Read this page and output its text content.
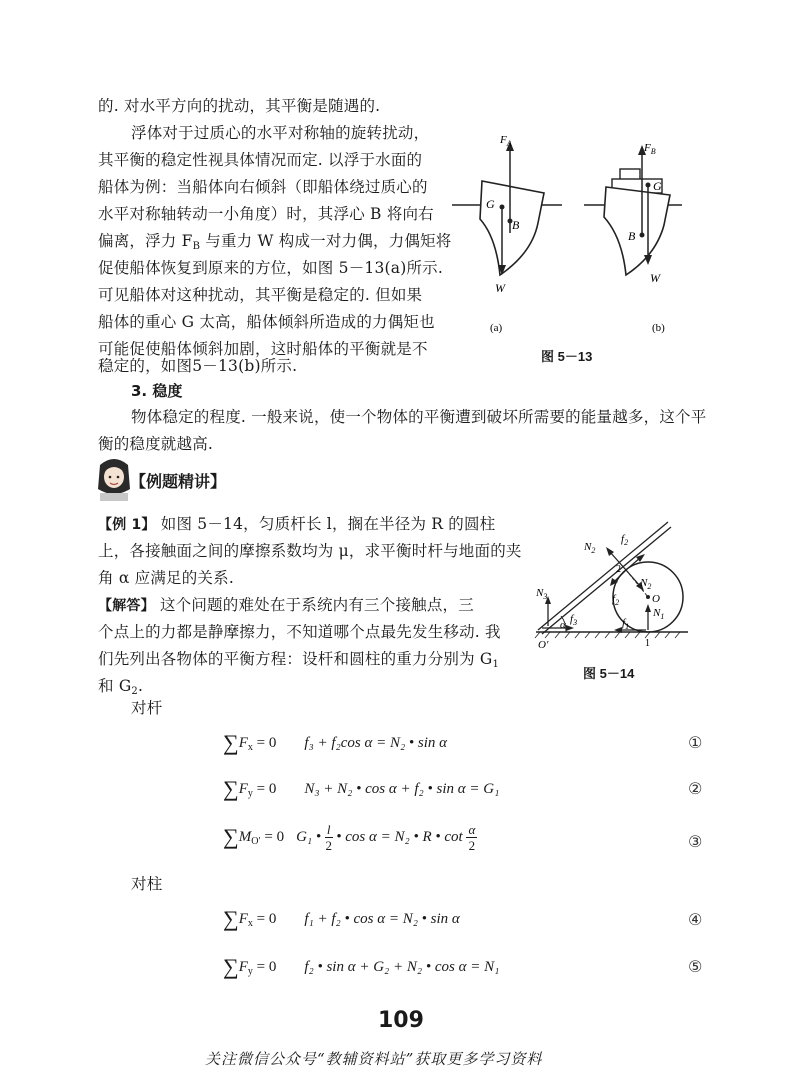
的. 对水平方向的扰动，其平衡是随遇的.
浮体对于过质心的水平对称轴的旋转扰动，
其平衡的稳定性视具体情况而定. 以浮于水面的
船体为例：当船体向右倾斜（即船体绕过质心的
水平对称轴转动一小角度）时，其浮心 B 将向右
偏离，浮力 $F_B$ 与重力 W 构成一对力偶，力偶矩将
促使船体恢复到原来的方位，如图 5－13(a)所示.
可见船体对这种扰动，其平衡是稳定的. 但如果
船体的重心 G 太高，船体倾斜所造成的力偶矩也
可能促使船体倾斜加剧，这时船体的平衡就是不
稳定的，如图5－13(b)所示.
$F_A$
G
B
W
(a)
$F_B$
G
B
W
(b)
图 5－13
3. 稳度
物体稳定的程度. 一般来说，使一个物体的平衡遭到破坏所需要的能量越多，这个平
衡的稳度就越高.
【例题精讲】
【例 1】 如图 5－14，匀质杆长 l，搁在半径为 R 的圆柱
上，各接触面之间的摩擦系数均为 μ，求平衡时杆与地面的夹
角 α 应满足的关系.
【解答】 这个问题的难处在于系统内有三个接触点，三
个点上的力都是静摩擦力，不知道哪个点最先发生移动. 我
们先列出各物体的平衡方程：设杆和圆柱的重力分别为 $G_1$
和 $G_2$.
$N_2$
$f_2$
2
$N_2$
O
$f_2$
$N_1$
$N_3$
$f_3$
α	$f_1$
O′	1
图 5－14
对杆
$\sum F_x = 0$ f₃ + f₂cos α = N₂ • sin α	①
$\sum F_y = 0$ N₃ + N₂ • cos α + f₂ • sin α = G₁	②
$\sum M_{O'} = 0$ G₁ • $\frac{l}{2}$ • cos α = N₂ • R • $\cot \frac{\alpha}{2}$	③
对柱
$\sum F_x = 0$ f₁ + f₂ • cos α = N₂ • sin α	④
$\sum F_y = 0$ f₂ • sin α + G₂ + N₂ • cos α = N₁	⑤
109
关注微信公众号“教辅资料站”获取更多学习资料
